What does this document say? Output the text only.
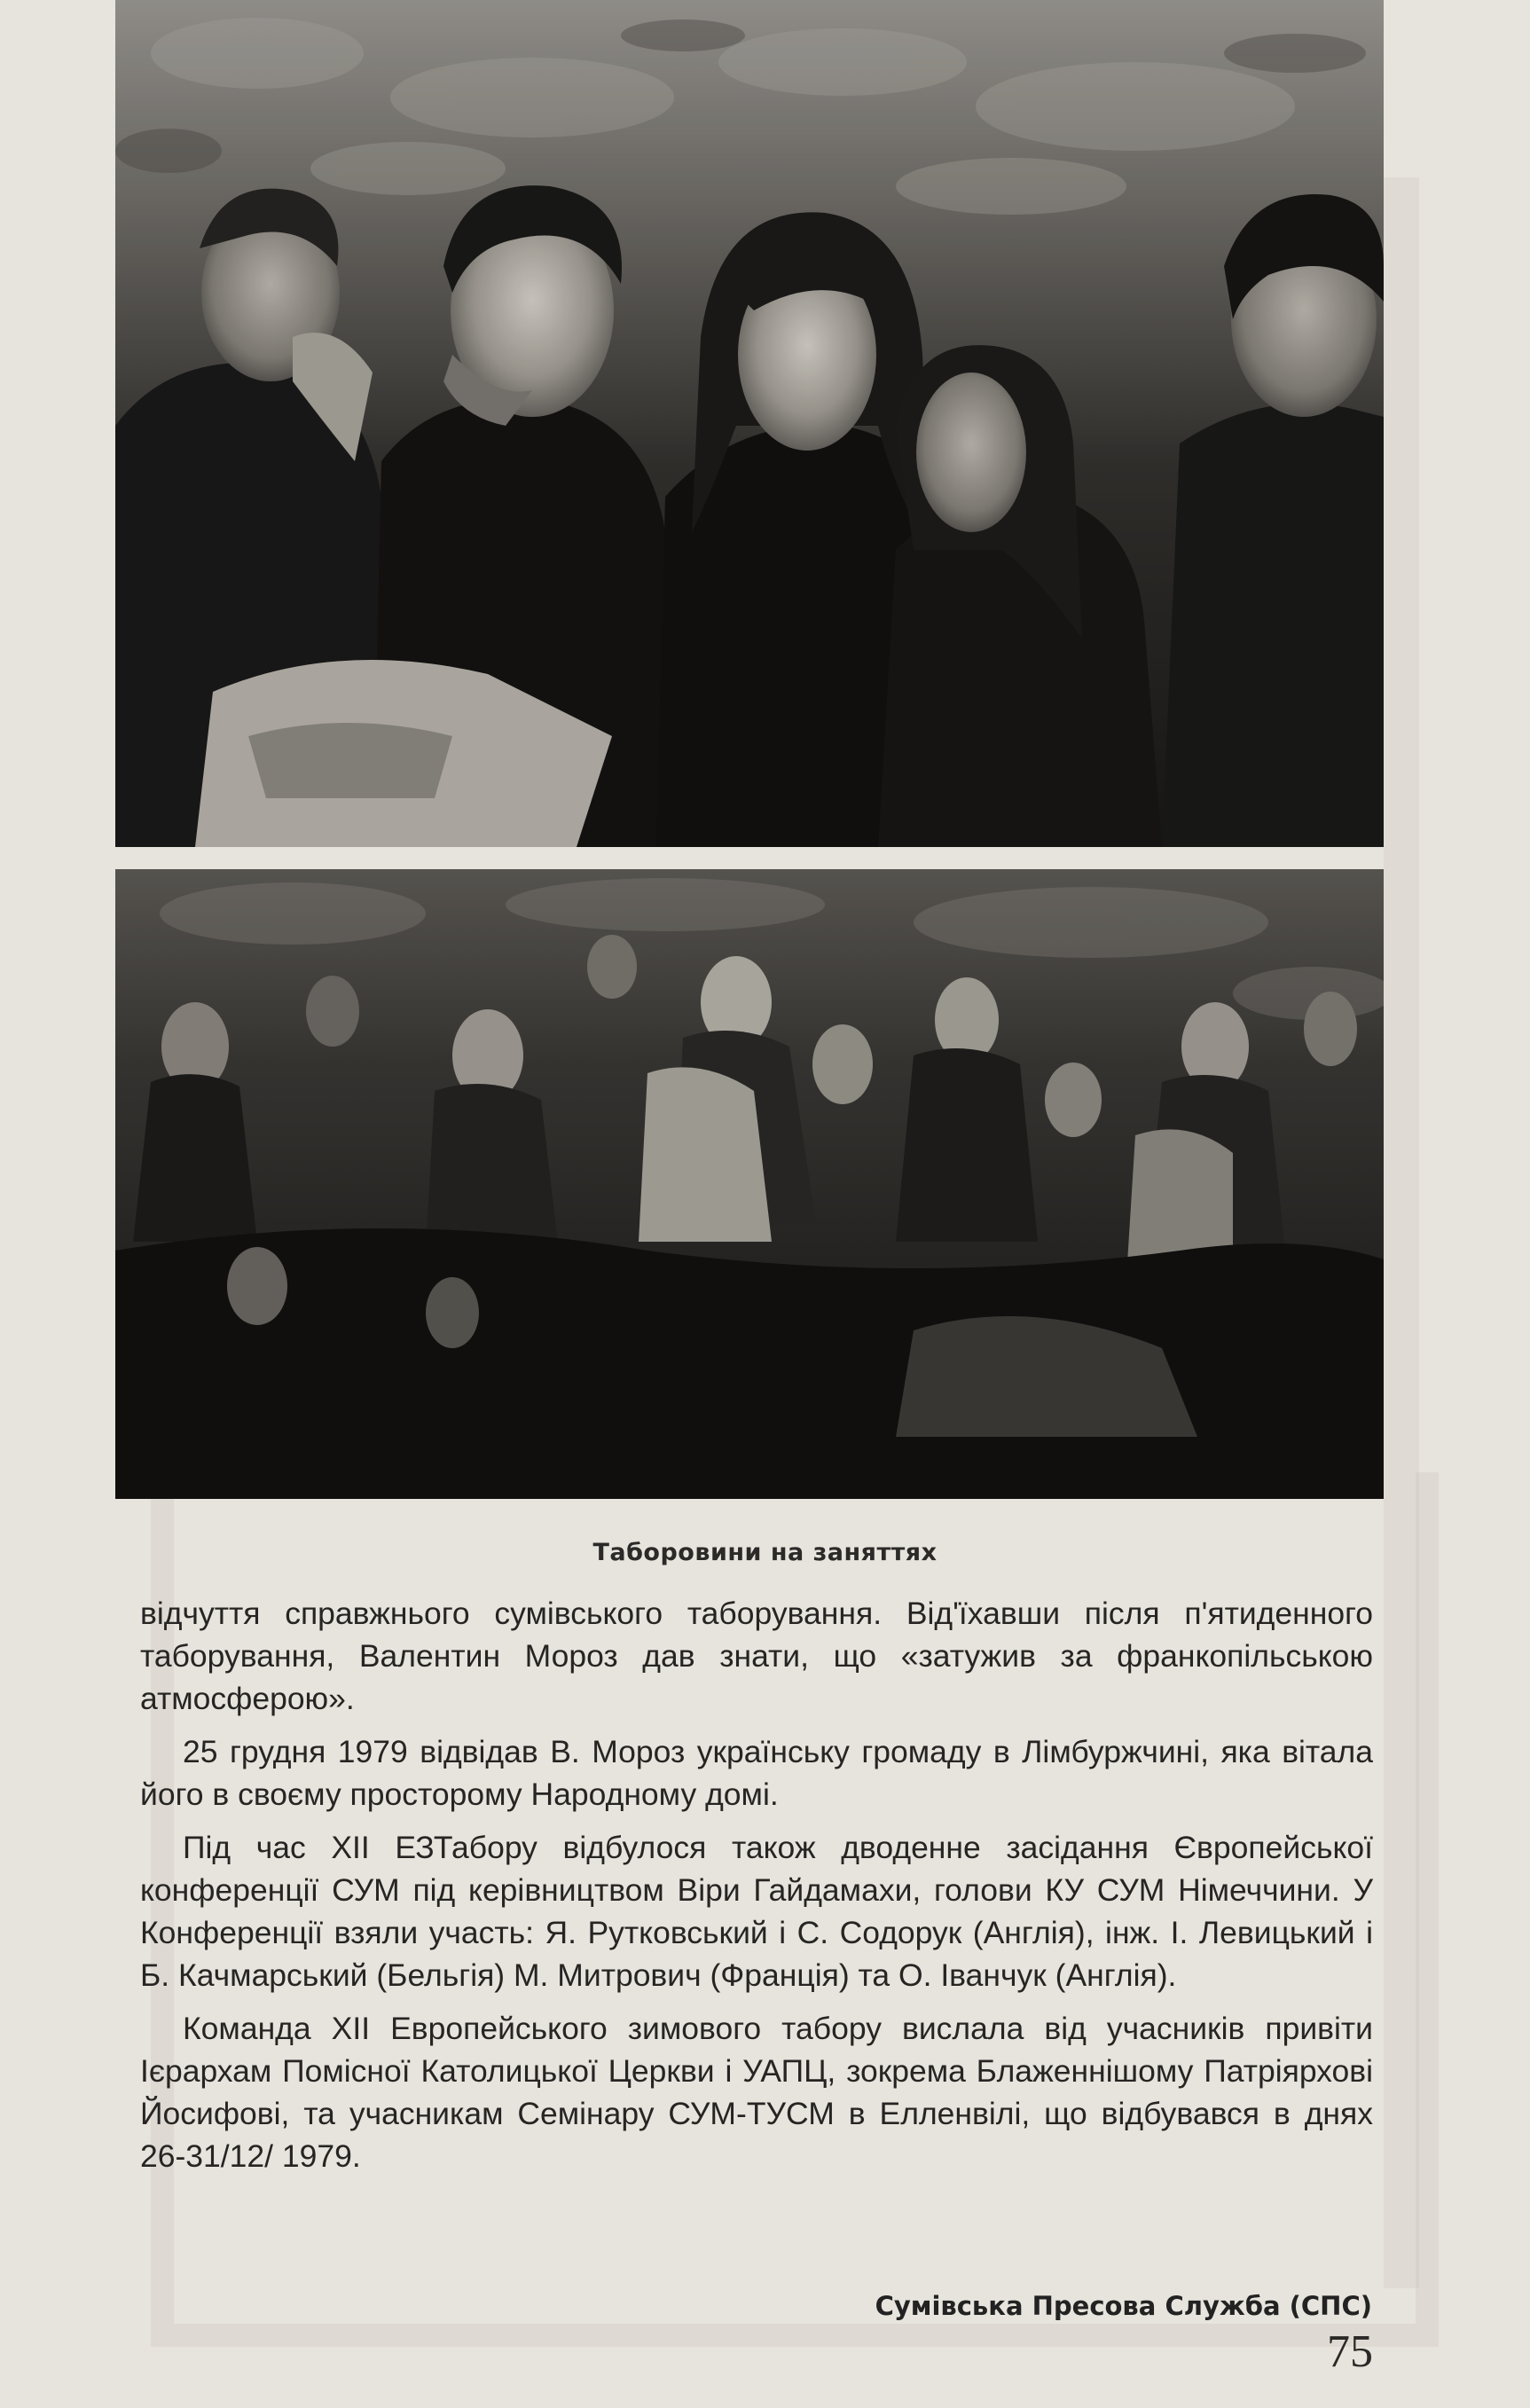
Таборовини на заняттях

відчуття справжнього сумівського таборування. Від'їхавши після п'ятиденного таборування, Валентин Мороз дав знати, що «затужив за франкопільською атмосферою».

25 грудня 1979 відвідав В. Мороз українську громаду в Лімбуржчині, яка вітала його в своєму просторому Народному домі.

Під час XII ЕЗТабору відбулося також дводенне засідання Європейської конференції СУМ під керівництвом Віри Гайдамахи, голови КУ СУМ Німеччини. У Конференції взяли участь: Я. Рутковський і С. Содорук (Англія), інж. І. Левицький і Б. Качмарський (Бельгія) М. Митрович (Франція) та О. Іванчук (Англія).

Команда XII Европейського зимового табору вислала від учасників привіти Ієрархам Помісної Католицької Церкви і УАПЦ, зокрема Блаженнішому Патріярхові Йосифові, та учасникам Семінару СУМ-ТУСМ в Елленвілі, що відбувався в днях 26-31/12/ 1979.

Сумівська Пресова Служба (СПС)
75
